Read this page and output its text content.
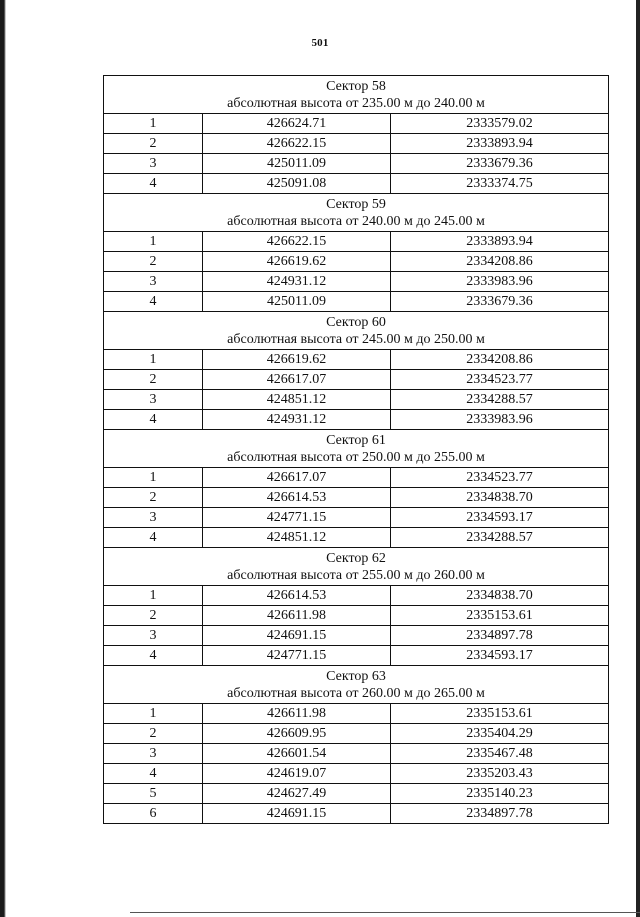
501
Сектор 58
абсолютная высота от 235.00 м до 240.00 м		

1	426624.71	2333579.02
2	426622.15	2333893.94
3	425011.09	2333679.36
4	425091.08	2333374.75

Сектор 59
абсолютная высота от 240.00 м до 245.00 м		

1	426622.15	2333893.94
2	426619.62	2334208.86
3	424931.12	2333983.96
4	425011.09	2333679.36

Сектор 60
абсолютная высота от 245.00 м до 250.00 м		

1	426619.62	2334208.86
2	426617.07	2334523.77
3	424851.12	2334288.57
4	424931.12	2333983.96

Сектор 61
абсолютная высота от 250.00 м до 255.00 м		

1	426617.07	2334523.77
2	426614.53	2334838.70
3	424771.15	2334593.17
4	424851.12	2334288.57

Сектор 62
абсолютная высота от 255.00 м до 260.00 м		

1	426614.53	2334838.70
2	426611.98	2335153.61
3	424691.15	2334897.78
4	424771.15	2334593.17

Сектор 63
абсолютная высота от 260.00 м до 265.00 м		

1	426611.98	2335153.61
2	426609.95	2335404.29
3	426601.54	2335467.48
4	424619.07	2335203.43
5	424627.49	2335140.23
6	424691.15	2334897.78
